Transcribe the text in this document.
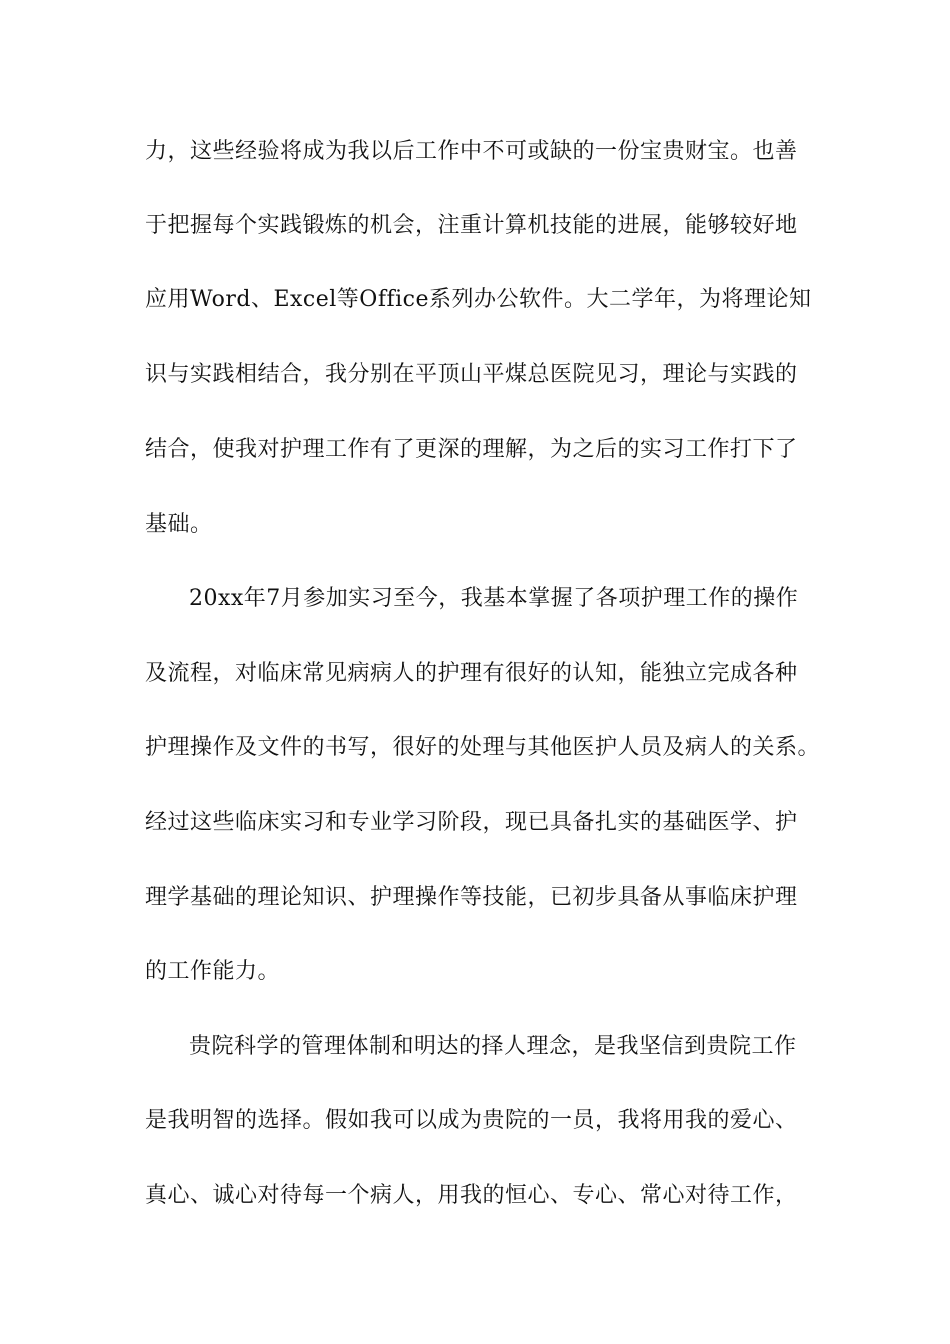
力，这些经验将成为我以后工作中不可或缺的一份宝贵财宝。也善
于把握每个实践锻炼的机会，注重计算机技能的进展，能够较好地
应用Word、Excel等Office系列办公软件。大二学年，为将理论知
识与实践相结合，我分别在平顶山平煤总医院见习，理论与实践的
结合，使我对护理工作有了更深的理解，为之后的实习工作打下了
基础。
20xx年7月参加实习至今，我基本掌握了各项护理工作的操作
及流程，对临床常见病病人的护理有很好的认知，能独立完成各种
护理操作及文件的书写，很好的处理与其他医护人员及病人的关系。
经过这些临床实习和专业学习阶段，现已具备扎实的基础医学、护
理学基础的理论知识、护理操作等技能，已初步具备从事临床护理
的工作能力。
贵院科学的管理体制和明达的择人理念，是我坚信到贵院工作
是我明智的选择。假如我可以成为贵院的一员，我将用我的爱心、
真心、诚心对待每一个病人，用我的恒心、专心、常心对待工作，
